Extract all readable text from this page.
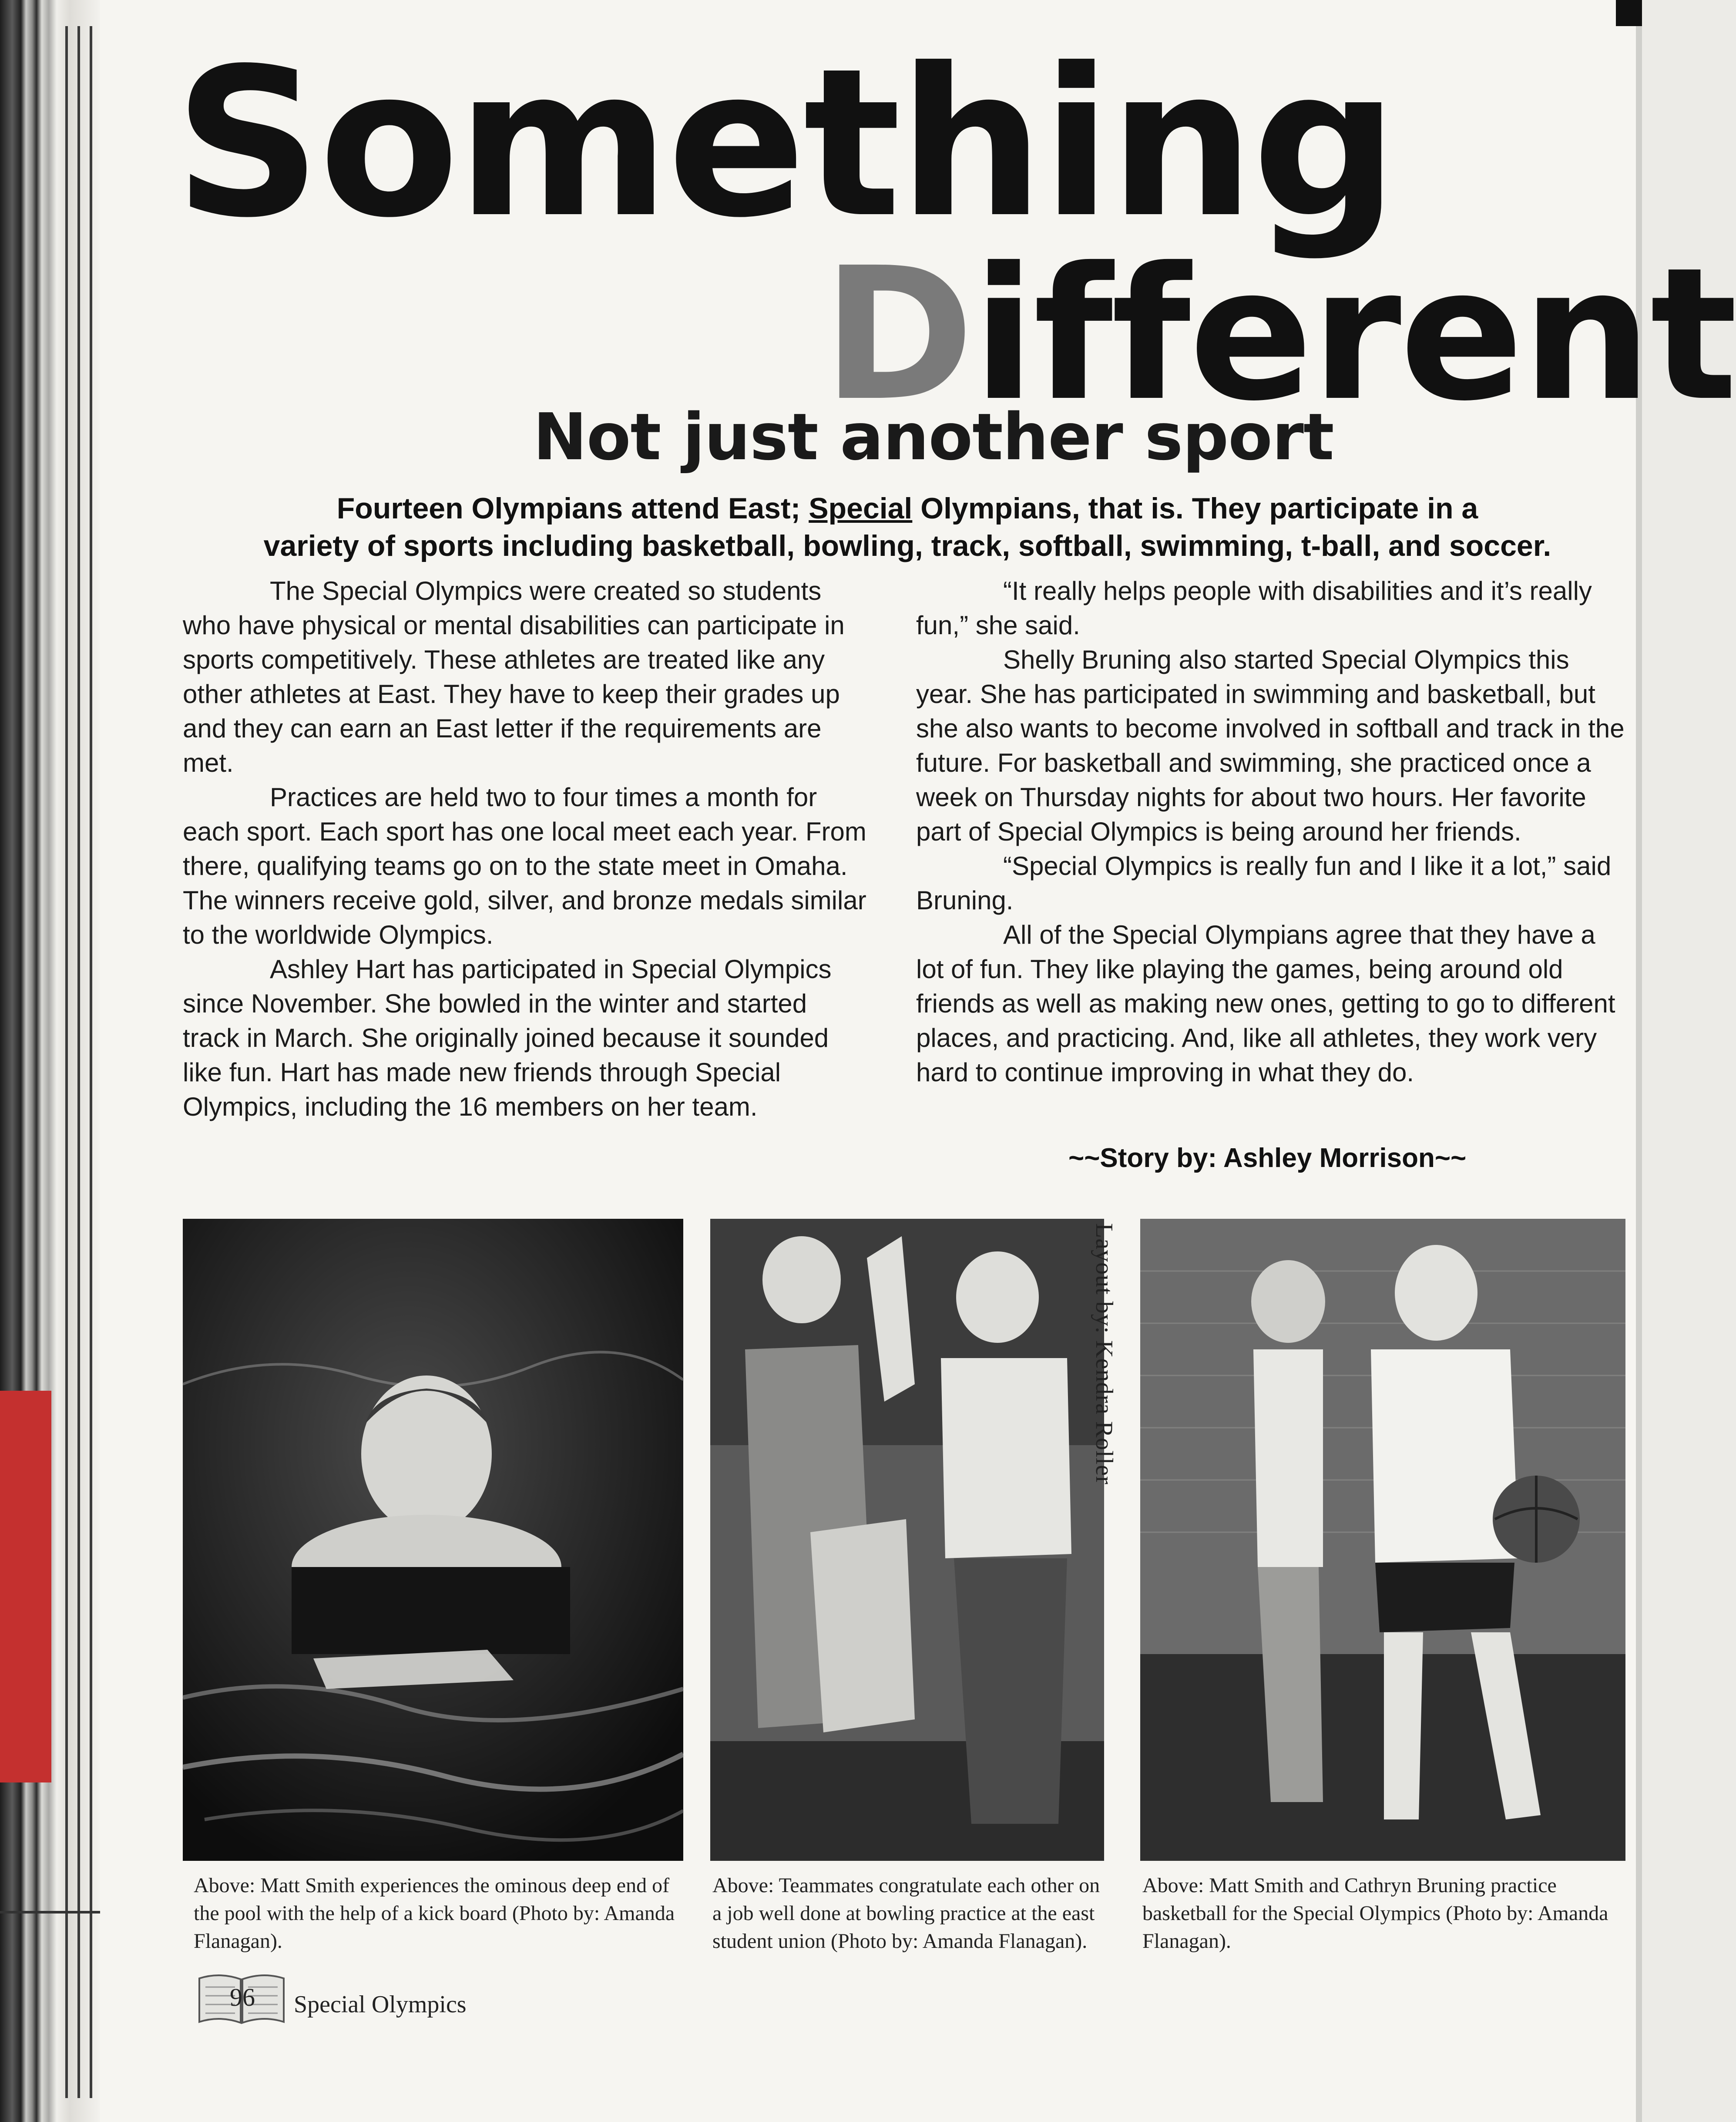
Something
Different
Not just another sport
Fourteen Olympians attend East; Special Olympians, that is. They participate in a
variety of sports including basketball, bowling, track, softball, swimming, t-ball, and soccer.

The Special Olympics were created so students who have physical or mental disabilities can participate in sports competitively. These athletes are treated like any other athletes at East. They have to keep their grades up and they can earn an East letter if the requirements are met.

Practices are held two to four times a month for each sport. Each sport has one local meet each year. From there, qualifying teams go on to the state meet in Omaha. The winners receive gold, silver, and bronze medals similar to the worldwide Olympics.

Ashley Hart has participated in Special Olympics since November. She bowled in the winter and started track in March. She originally joined because it sounded like fun. Hart has made new friends through Special Olympics, including the 16 members on her team.

“It really helps people with disabilities and it’s really fun,” she said.

Shelly Bruning also started Special Olympics this year. She has participated in swimming and basketball, but she also wants to become involved in softball and track in the future. For basketball and swimming, she practiced once a week on Thursday nights for about two hours. Her favorite part of Special Olympics is being around her friends.

“Special Olympics is really fun and I like it a lot,” said Bruning.

All of the Special Olympians agree that they have a lot of fun. They like playing the games, being around old friends as well as making new ones, getting to go to different places, and practicing. And, like all athletes, they work very hard to continue improving in what they do.

~~Story by: Ashley Morrison~~
Layout by: Kendra Roller
Above: Matt Smith experiences the ominous deep end of the pool with the help of a kick board (Photo by: Amanda Flanagan).
Above: Teammates congratulate each other on a job well done at bowling practice at the east student union (Photo by: Amanda Flanagan).
Above: Matt Smith and Cathryn Bruning practice basketball for the Special Olympics (Photo by: Amanda Flanagan).
96	Special Olympics
